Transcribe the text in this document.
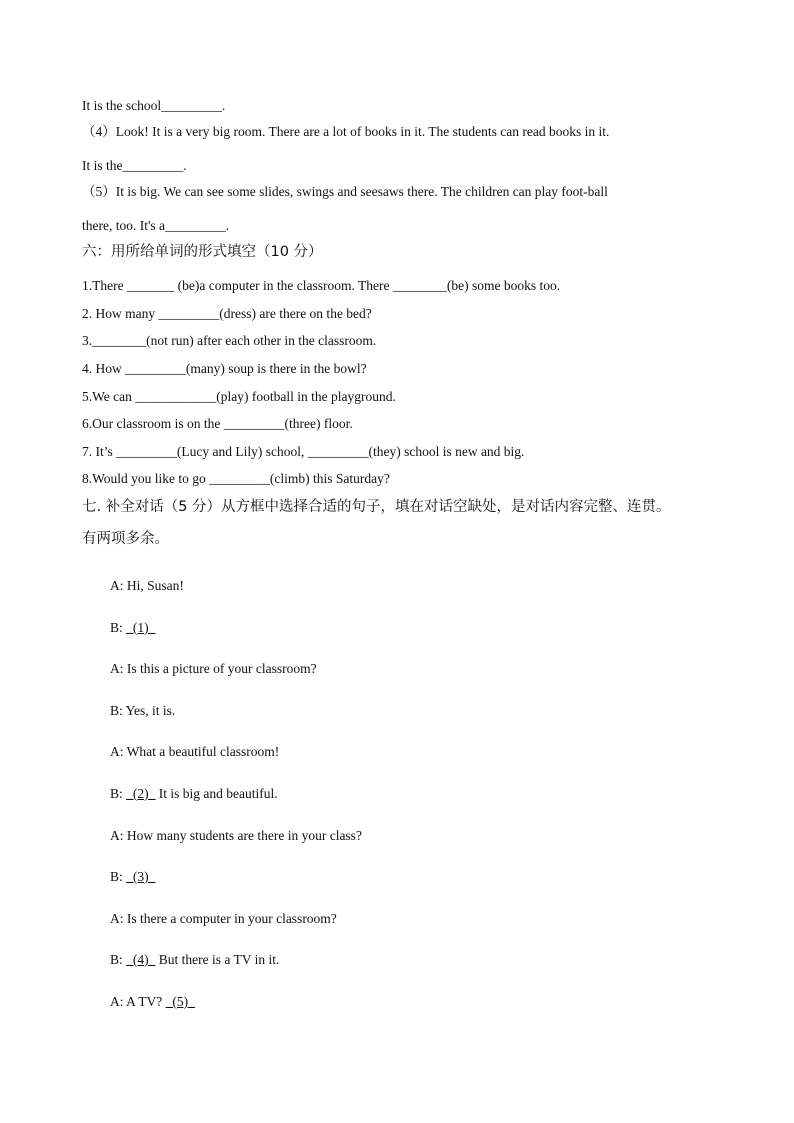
It is the school_________.
（4）Look! It is a very big room. There are a lot of books in it. The students can read books in it.
It is the_________.
（5）It is big. We can see some slides, swings and seesaws there. The children can play foot-ball
there, too. It's a_________.
六：用所给单词的形式填空（10 分）
1.There _______ (be)a computer in the classroom. There ________(be) some books too.
2. How many _________(dress) are there on the bed?
3.________(not run) after each other in the classroom.
4. How _________(many) soup is there in the bowl?
5.We can ____________(play) football in the playground.
6.Our classroom is on the _________(three) floor.
7. It’s _________(Lucy and Lily) school, _________(they) school is new and big.
8.Would you like to go _________(climb) this Saturday?
七. 补全对话（5 分）从方框中选择合适的句子，填在对话空缺处，是对话内容完整、连贯。
有两项多余。
A: Hi, Susan!
B: _(1)_
A: Is this a picture of your classroom?
B: Yes, it is.
A: What a beautiful classroom!
B: _(2)_ It is big and beautiful.
A: How many students are there in your class?
B: _(3)_
A: Is there a computer in your classroom?
B: _(4)_ But there is a TV in it.
A: A TV? _(5)_
